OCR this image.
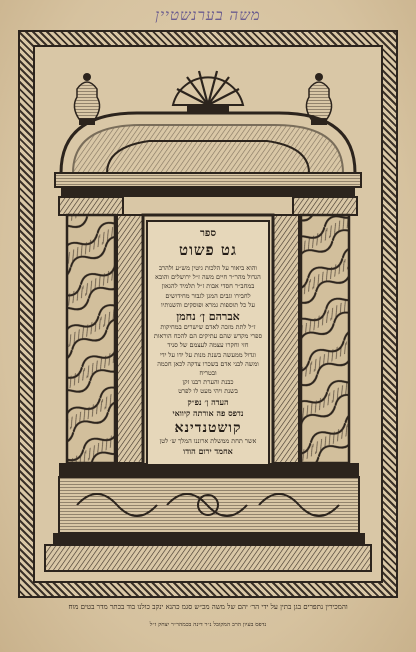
משה בערנשטיין
ספר
גט פשוט
והוא ביאור על הלכות גיטין מש״ע ולהרב
הגדול מהר״ר חיים משה ז״ל ירושלים והובא
במחב״ר חסדי אבות ז״ל תלמיד להגאון
לחבירו וגבים המגן לגבור מחידושים
על כל תוספות גמרא ופוסקים והשנותיו
אברהם ן׳ נחמן
ז״ל לתת מזכה לאדם שישרים במחיקות
ספרי מקדש שהם עתיקים הם להכח הוראות
חזי וחקרו עצמה לעצמם של סניד
וגדול ממעשה בשנת מנות על ידו על ידי
ומשה לבני אדם בשכרו צדקה לכאן חכמה ובטריח
כבנת והערת רבנו זקן
בשנת ויהי מעט לו לפרט
העדה ן׳ נפ״ק
נדפס פה אורתה קיוואי
קושטנדינא
אשר תחת ממשלת ארוננו המלך ש׳ לטן
אחמד ירום הודו
והמכירין נתפרים בגן בתין על ידי הר׳ יהם של משה מכ״ש סגמ כהנא ינקב כולנו בוד בכתר מדר בטים מוח
נדפס בעיון הרב המקובל נ״ר דינה בכמהר״ר יצחק ז״ל
